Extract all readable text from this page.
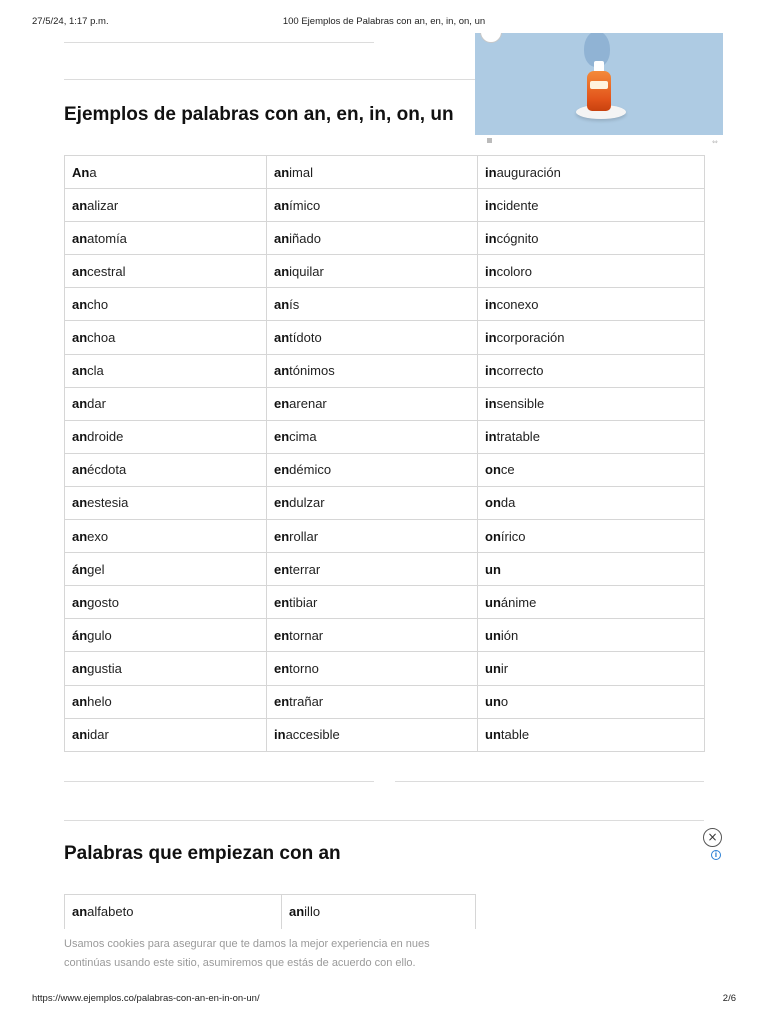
27/5/24, 1:17 p.m.	100 Ejemplos de Palabras con an, en, in, on, un
⇔
Ejemplos de palabras con an, en, in, on, un
Ana	animal	inauguración
analizar	anímico	incidente
anatomía	aniñado	incógnito
ancestral	aniquilar	incoloro
ancho	anís	inconexo
anchoa	antídoto	incorporación
ancla	antónimos	incorrecto
andar	enarenar	insensible
androide	encima	intratable
anécdota	endémico	once
anestesia	endulzar	onda
anexo	enrollar	onírico
ángel	enterrar	un
angosto	entibiar	unánime
ángulo	entornar	unión
angustia	entorno	unir
anhelo	entrañar	uno
anidar	inaccesible	untable
Palabras que empiezan con an
×
i
analfabeto	anillo
Usamos cookies para asegurar que te damos la mejor experiencia en nues
continúas usando este sitio, asumiremos que estás de acuerdo con ello.
https://www.ejemplos.co/palabras-con-an-en-in-on-un/	2/6
